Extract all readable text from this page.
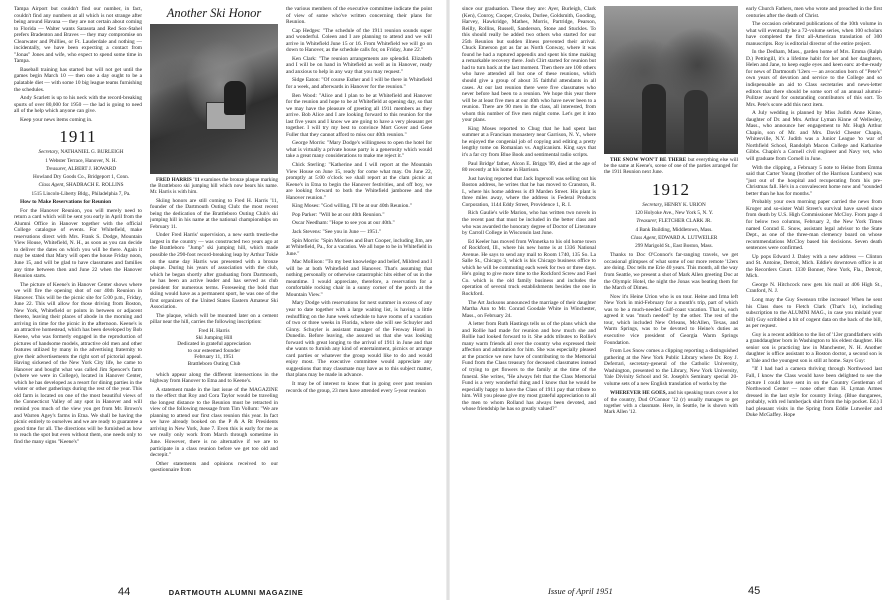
Tampa Airport but couldn't find our number, in fact, couldn't find any numbers at all which is not strange after being around Havana — they are not certain about coming to Florida — Walter wants Sarasota and Red Sox-Stahel prefers Bradenton and Braves — they may compromise on Clearwater and Phillies, or Ft. Lauderdale and nothing — incidentally, we have been expecting a contact from "Jonas" Jones and wife, who expect to spend some time in Tampa.

Baseball training has started but will not get until the games begin March 10 — then one a day ought to be a palatable diet — with some 10 big league teams furnishing the schedules.

Andy Scarlett is up to his neck with the record-breaking spurts of over 80,000 for 1950 — the lad is going to need all of the help which anyone can give.

Keep your news items coming in.

1911

Secretary, NATHANIEL G. BURLEIGH

1 Webster Terrace, Hanover, N. H.

Treasurer, ALBERT J. HOWARD

Howland Dry Goods Co., Bridgeport 1, Conn.

Class Agent, SHADRACH E. ROLLINS

1515 Lincoln-Liberty Bldg., Philadelphia 7, Pa.

How to Make Reservations for Reunion

For the Hanover Reunion, you will merely need to return a card which will be sent you early in April from the Alumni Office in Hanover together with the official College catalogue of events. For Whitefield, make reservations direct with Mrs. Frank S. Dodge, Mountain View House, Whitefield, N. H., as soon as you can decide to deliver the dates on which you will be there. Again it may be stated that Mary will open the house Friday noon, June 15, and will be glad to have classmates and families any time between then and June 22 when the Hanover Reunion starts.

The picture of Keene's in Hanover Center shows where we will fire the opening shot of our 40th Reunion in Hanover. This will be the picnic site for 5:00 p.m., Friday, June 22. This will allow for those driving from Boston, New York, Whitefield or points in between or adjacent thereto, leaving their places of abode in the morning and arriving in time for the picnic in the afternoon. Keene's is an attractive homestead, which has been developed by Bob Keene, who was formerly engaged in the reproduction of pictures of handsome models, attractive old men and other features utilized by many in the advertising fraternity to give their advertisements the right sort of pictorial appeal. Having sickened of the New York City life, he came to Hanover and bought what was called Jim Spencer's farm (where we were in College), located in Hanover Center, which he has developed as a resort for dining parties in the winter or other gatherings during the rest of the year. This old farm is located on one of the most beautiful views of the Connecticut Valley of any spot in Hanover and will remind you much of the view you get from Mr. Brown's and Warren Agey's farms in Etna. We shall be having the picnic entirely to ourselves and we are ready to guarantee a good time for all. The directions will be furnished as how to reach the spot but even without them, one needs only to find the many signs "Keene's"

Another Ski Honor

FRED HARRIS '11 examines the bronze plaque marking the Brattleboro ski jumping hill which now bears his name. Mr. Harris is with him.

Skiing honors are still coming to Fred H. Harris '11, founder of the Dartmouth Outing Club: the most recent being the dedication of the Brattleboro Outing Club's ski jumping hill in his name at the national championships on February 11.

Under Fred Harris' supervision, a new earth trestle-the largest in the country — was constructed two years ago at the Brattleboro "Jump" ski jumping hill, which made possible the 290-foot record-breaking leap by Arthur Tokle on the same day Harris was presented with a bronze plaque. During his years of association with the club, which he began shortly after graduating from Dartmouth, he has been an active leader and has served as club president for numerous terms. Foreseeing the bold that skiing would have as a permanent sport, he was one of the first organizers of the United States Eastern Amateur Ski Association.

The plaque, which will be mounted later on a cement pillar near the hill, carries the following inscription:

Fred H. Harris
Ski Jumping Hill
Dedicated in grateful appreciation
to our esteemed founder
February 11, 1951
Brattleboro Outing Club

which appear along the different intersections in the highway from Hanover to Etna and to Keene's.

A statement made in the last issue of the MAGAZINE to the effect that Roy and Cora Taylor would be traveling the longest distance to the Reunion must be retracted in view of the following message from Tim Vollum: "We are planning to attend our first class reunion this year. In fact we have already booked on the P & A Rt Presidents arriving in New York, June 7. Even this is early for me as we really only work from March through sometime in June. However, there is no alternative if we are to participate in a class reunion before we get too old and decrepit."

Other statements and opinions received to our questionnaire from

the various members of the executive committee indicate the point of view of some who've written concerning their plans for Reunion.

Cap Hedges: "The schedule of the 1911 reunion sounds super and wonderful. Coleen and I are planning to attend and we will arrive in Whitefield June 15 or 16. From Whitefield we will go on down to Hanover, as the schedule calls for, on Friday, June 22."

Ken Clark: "The reunion arrangements are splendid. Elizabeth and I will be on hand in Whitefield as well as in Hanover, ready and anxious to help in any way that you may request."

Sidge Eaton: "Of course Esther and I will be there in Whitefield for a week, and afterwards in Hanover for the reunion."

Ben Wood: "Alice and I plan to be at Whitefield and Hanover for the reunion and hope to be at Whitefield at opening day, so that we may have the pleasure of greeting all 1911 members as they arrive. Bob Alice and I are looking forward to this reunion for the last five years and I know we are going to have a very pleasant get together. I will try my best to convince Mort Gover and Gene Fuller that they cannot afford to miss our 40th reunion."

George Morris: "Mary Dodge's willingness to open the hotel for what is virtually a private house party is a generosity which would take a great many considerations to make me reject it."

Chick Sterling: "Katherine and I will report at the Mountain View House on June 15, ready for come what may. On June 22, promptly at 5:00 o'clock we shall report at the clam picnic at Keene's in Etna to begin the Hanover festivities, and off boy, we are looking forward to both the Whitefield jamboree and the Hanover reunion."

King Moses: "God willing, I'll be at our 40th Reunion."

Pop Parker: "Will be at our 40th Reunion."

Oscar Needham: "Hope to see you at our 40th."

Jack Stevens: "See you in June — 1951."

Spin Morris: "Spin Morrises and Burt Cooper, including Jim, are at Whitefield, Pa., for a vacation. We all hope to be in Whitefield in June."

Mac Mollison: "To my best knowledge and belief, Mildred and I will be at both Whitefield and Hanover. That's assuming that nothing personally or otherwise catastrophic hits either of us in the meantime. I would appreciate, therefore, a reservation for a comfortable rocking chair in a sunny corner of the porch at the Mountain View."

Mary Dodge with reservations for next summer in excess of any year to date together with a large waiting list, is having a little reshuffling on the June week schedule to have rooms of a vacation of two or three weeks in Florida, where she will see Schuyler and Ginny. Schuyler is assistant manager of the Fenway Hotel in Dunedin. Before leaving, she assured us that she was looking forward with great longing to the arrival of 1911 in June and that she wants to furnish any kind of entertainment, picnics or arrange card parties or whatever the group would like to do and would enjoy most. The executive committee would appreciate any suggestions that may classmate may have as to this subject matter, that plans may be made in advance.

It may be of interest to know that in going over past reunion records of the group, 23 men have attended every 5-year reunion

44	DARTMOUTH ALUMNI MAGAZINE

since our graduation. These they are: Ayer, Burleigh, Clark (Ken), Conroy, Cooper, Crooks, Durlee, Goldsmith, Gooding, Harvey, Hawkridge, Mathes, Morris, Partridge, Pearson, Reilly, Rollins, Russell, Sanderson, Stone and Stuckles. To this should really be added two others who started for our 25th Reunion but sudden illness prevented their arrival. Chuck Emerson got as far as North Conway, where it was found he had a ruptured appendix and spent his time making a remarkable recovery there. Josh Clirt started for reunion but had to turn back at the last moment. Then there are 100 others who have attended all but one of these reunions, which should give a group of about 35 faithful attendants in all cases. At our last reunion there were five classmates who never before had been to a reunion. We hope this year there will be at least five men at our 40th who have never been to a reunion. There are 90 men in the class, all interested, from whom this number of five men might come. Let's get it into your plans.

King Moses reported to Chug that he had spent last summer at a Francisan monastery near Garrison, N. Y., where he enjoyed the congenial job of copying and editing a pretty lengthy tome on Romanian vs. Anglicanism. King says that it's a far cry from Blue Book and sentimental radio scripts.

Paul Bridge' father, Alcon E. Briggs '89, died at the age of 80 recently at his home in Harrison.

Just having reported that Jack Ingersoll was selling out his Boston address, he writes that he has moved to Cranston, R. I., where his home address is 49 Marden Street. His plant is three miles away, where the address is Federal Products Corporation, 1144 Eddy Street, Providence 1, R. I.

Rich Gaulie's wife Marion, who has written two novels in the recent past that must be included in the better class and who was awarded the honorary degree of Doctor of Literature by Carroll College in Wisconsin last June.

Ed Keeler has moved from Winnetka to his old home town of Rockford, Ill., where his new home is at 1336 National Avenue. He says to send any mail to Room 1740, 135 So. La Salle St., Chicago 3, which is his Chicago business office to which he will be commuting each week for two or three days. He's going to give more time to the Rockford Screw and Fuel Co. which is the old family business and includes the operation of several truck establishments besides the one in Rockford.

The Art Jacksons announced the marriage of their daughter Martha Ann to Mr. Conrad Goodale White in Winchester, Mass., on February 24.

A letter from Ruth Hastings tells us of the plans which she and Rollie had made for reunion and how much she and Rollie had looked forward to it. She adds tributes to Rollie's many warm friends all over the country who expressed their affection and admiration for him. She was especially pleased at the practice we now have of contributing to the Memorial Fund from the Class treasury for deceased classmates instead of trying to get flowers to the family at the time of the funeral. She writes, "He always felt that the Class Memorial Fund is a very wonderful thing and I know that he would be especially happy to have the Class of 1911 pay that tribute to him. Will you please give my most grateful appreciation to all the men to whom Rolland has always been devoted, and whose friendship he has so greatly valued?"

THE SNOW WON'T BE THERE but everything else will be the same at Keene's, scene of one of the parties arranged for the 1911 Reunion next June.

1912

Secretary, HENRY K. URION

120 Holyoke Ave., New York 5, N. Y.

Treasurer, FLETCHER CLARK JR.

4 Bank Building, Middletown, Mass.

Class Agent, EDWARD A. LUTWEILER

299 Marigold St., East Boston, Mass.

Thanks to Doc O'Connor's far-ranging travels, we get occasional glimpses of what some of our more remote '12ers are doing. Doc tells me Erie 40 years. This month, all the way from Seattle, we present a shot of Mark Allen greeting Doc at the Olympic Hotel, the night the Jonas was beating them for the March of Dimes.

Now it's Heine Urion who is on tour. Heine and Irma left New York in mid-February for a month's trip, part of which was to be a much-needed Gulf-coast vacation. That is, each agreed it was "much needed" by the other. The rest of the tour, which included New Orleans, McAllen, Texas, and Warm Springs, was to be devoted to Heine's duties as executive vice president of Georgia Warm Springs Foundation.

From Les Snow comes a clipping reporting a distinguished gathering at the New York Public Library where Dr. Roy J. Deferrari, secretary-general of the Catholic University, Washington, presented to the Library, New York University, Yale Divinity School and St. Joseph's Seminary special 20-volume sets of a new English translation of works by the

WHEREVER HE GOES, and his speaking tours cover a lot of the country, Dud O'Connor '12 (r) usually manages to get together with a classmate. Here, in Seattle, he is shown with Mark Allen '12.

early Church Fathers, men who wrote and preached in the first centuries after the death of Christ.

The occasion celebrated publications of the 10th volume in what will eventually be a 72-volume series, when 100 scholars have completed the first all-American translation of 300 manuscripts. Roy is editorial director of the entire project.

In the Dedham, Mass., garden home of Mrs. Emma (Ralph D.) Pettingill, it's a lifetime habit for her and her daughters, Helen and Jane, to keep eagle eyes and keen ears: at-the-ready for news of Dartmouth '12ers — an avocation born of "Pete's" own years of devotion and service to the College and so indispensable an aid to Class secretaries and news-letter editors that there should be some sort of an annual alumni-Pulitzer award for outstanding contributors of this sort. To Mrs. Pete's score add this next item.

A July wedding is planned by Miss Judith Anne Kinne, daughter of Dr. and Mrs. Arthur Lyman Kinne of Wellesley, Mass., who announce her engagement to Mr. Hugh Arthur Chapin, son of Mr. and Mrs. David Chester Chapin, Whitesville, N.Y. Judith was a Junior League 'to war of Northfield School, Randolph Macon College and Katharine Gibbs. Chapin's a Cornell civil engineer and Navy vet, who will graduate from Cornell in June.

With the clipping, a February 5 note to Heine from Emma said that Carter Young (brother of the Harrison Lumbers) was "just out of the hospital and recuperating from his pre-Christmas fall. He's in a convalescent home now and "sounded better than he has for months."

Probably your own morning paper carried the news from Kroger and so-sister Wall Street's survival have saved since from death by U.S. High Commissioner McCloy. From page 4 for below two columns, February 2, the New York Times named Conrad E. Snow, assistant legal advisor to the State Dept., as one of the three-man clemency board on whose recommendations McCloy based his decisions. Seven death sentences were confirmed.

Up pops Edward J. Daley with a new address — Clinton and St. Antoine, Detroit, Mich. Eddie's downtown office is at the Recorders Court. 1330 Bonner, New York, Fla., Detroit, Mich.

George N. Hitchcock now gets his mail at 406 High St., Cranford, N. J.

Long may the Guy Swenson tribe increase! When he sent his Class dues to Fletch Clark (That's 1s), including subscription to the ALUMNI MAG., in case you mislaid your bill) Guy scribbled a bit of cogent data on the back of the bill, as per request.

Guy is a recent addition to the list of '12er grandfathers with a granddaughter born in Washington to his eldest daughter. His senior son is practicing law in Manchester, N. H. Another daughter is office assistant to a Boston doctor, a second son is at Yale and the youngest son is still at home. Says Guy:

"If I had had a camera thriving through Northwood last Fall, I know the Class would have been delighted to see the picture I could have sent in on the Country Gentleman of Northwood Center — none other than H. Lyman Armes dressed in the last style for country living. (Blue dungarees, probably, with red lumberjack shirt from the hip pocket. Ed.) I had pleasant visits in the Spring from Eddie Lutweiler and Duke McGaffey. Hope

Issue of April 1951	45
